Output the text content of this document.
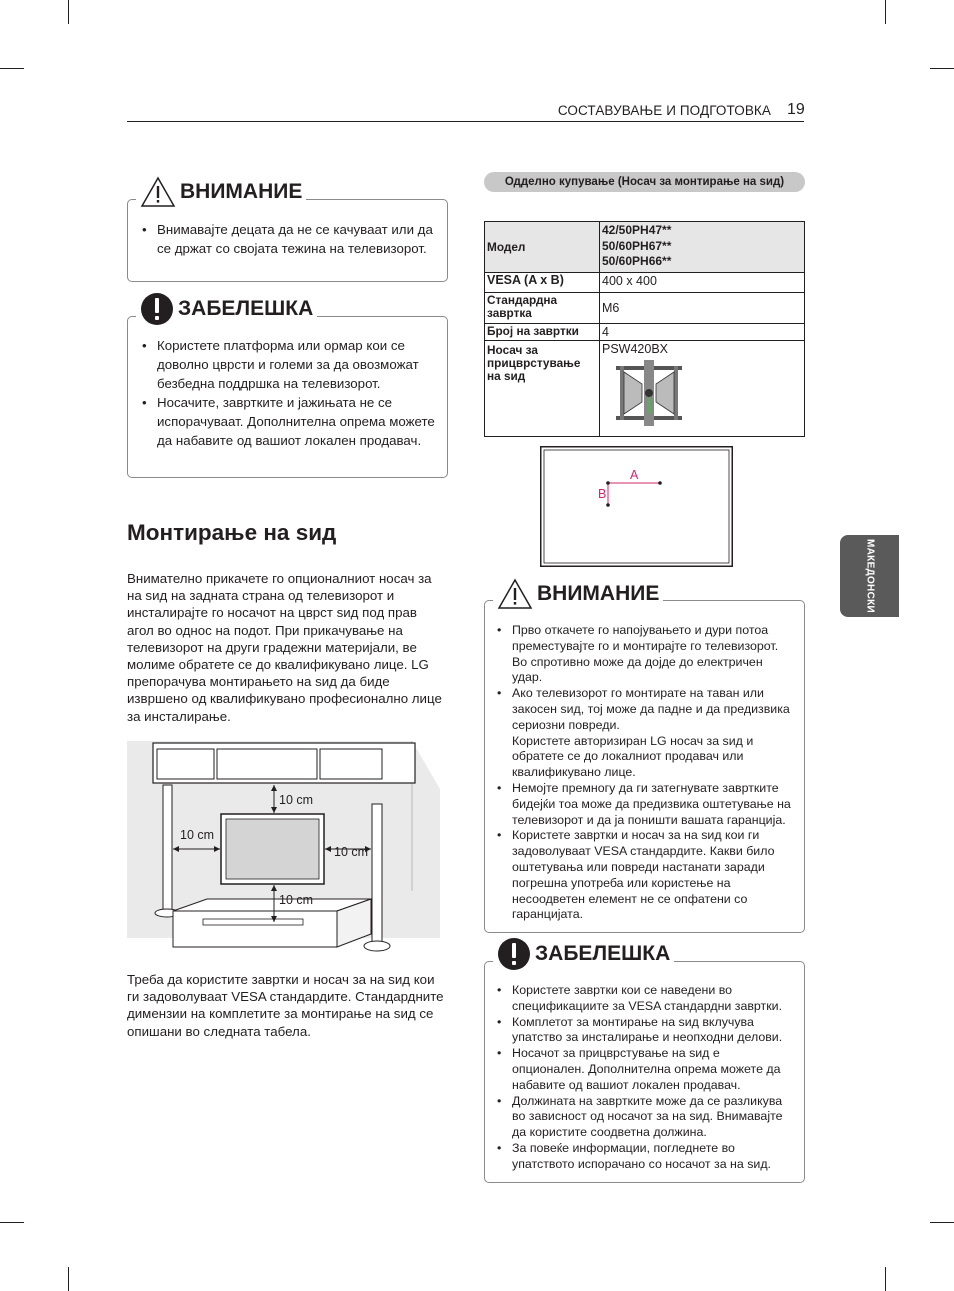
СОСТАВУВАЊЕ И ПОДГОТОВКА 19
МАКЕДОНСКИ
• Внимавајте децата да не се качуваат или да се држат со својата тежина на телевизорот.
ВНИМАНИЕ
• Користете платформа или ормар кои се доволно цврсти и големи за да овозможат безбедна поддршка на телевизорот.
• Носачите, завртките и јажињата не се испорачуваат. Дополнителна опрема можете да набавите од вашиот локален продавач.
ЗАБЕЛЕШКА
Монтирање на ѕид
Внимателно прикачете го опционалниот носач за на ѕид на задната страна од телевизорот и инсталирајте го носачот на цврст ѕид под прав агол во однос на подот. При прикачувањe на телевизорот на други градежни материјали, ве молиме обратете се до квалификувано лице. LG препорачува монтирањето на ѕид да биде извршено од квалификувано професионално лице за инсталирање.
10 cm
10 cm
10 cm
10 cm
Треба да користите завртки и носач за на ѕид кои ги задоволуваат VESA стандардите. Стандардните димензии на комплетите за монтирање на ѕид се опишани во следната табела.
Одделно купување (Носач за монтирање на ѕид)
Модел	42/50PH47**
50/60PH67**
50/60PH66**

VESA (A x B)	400 x 400
Стандардна завртка	M6
Број на завртки	4
Носач за прицврстување на ѕид	PSW420BX
A
B
• Прво откачете го напојувањето и дури потоа преместувајте го и монтирајте го телевизорот. Во спротивно може да дојде до електричен удар.
• Ако телевизорот го монтирате на таван или закосен ѕид, тој може да падне и да предизвика сериозни повреди.
Користете авторизиран LG носач за ѕид и обратете се до локалниот продавач или квалификувано лице.
• Немојте премногу да ги затегнувате завртките бидејќи тоа може да предизвика оштетување на телевизорот и да ја поништи вашата гаранција.
• Користете завртки и носач за на ѕид кои ги задоволуваат VESA стандардите. Какви било оштетувања или повреди настанати заради погрешна употреба или користење на несоодветен елемент не се опфатени со гаранцијата.
ВНИМАНИЕ
• Користете завртки кои се наведени во спецификациите за VESA стандардни завртки.
• Комплетот за монтирање на ѕид вклучува упатство за инсталирање и неопходни делови.
• Носачот за прицврстување на ѕид е опционален. Дополнителна опрема можете да набавите од вашиот локален продавач.
• Должината на завртките може да се разликува во зависност од носачот за на ѕид. Внимавајте да користите соодветна должина.
• За повеќе информации, погледнете во упатството испорачано со носачот за на ѕид.
ЗАБЕЛЕШКА
